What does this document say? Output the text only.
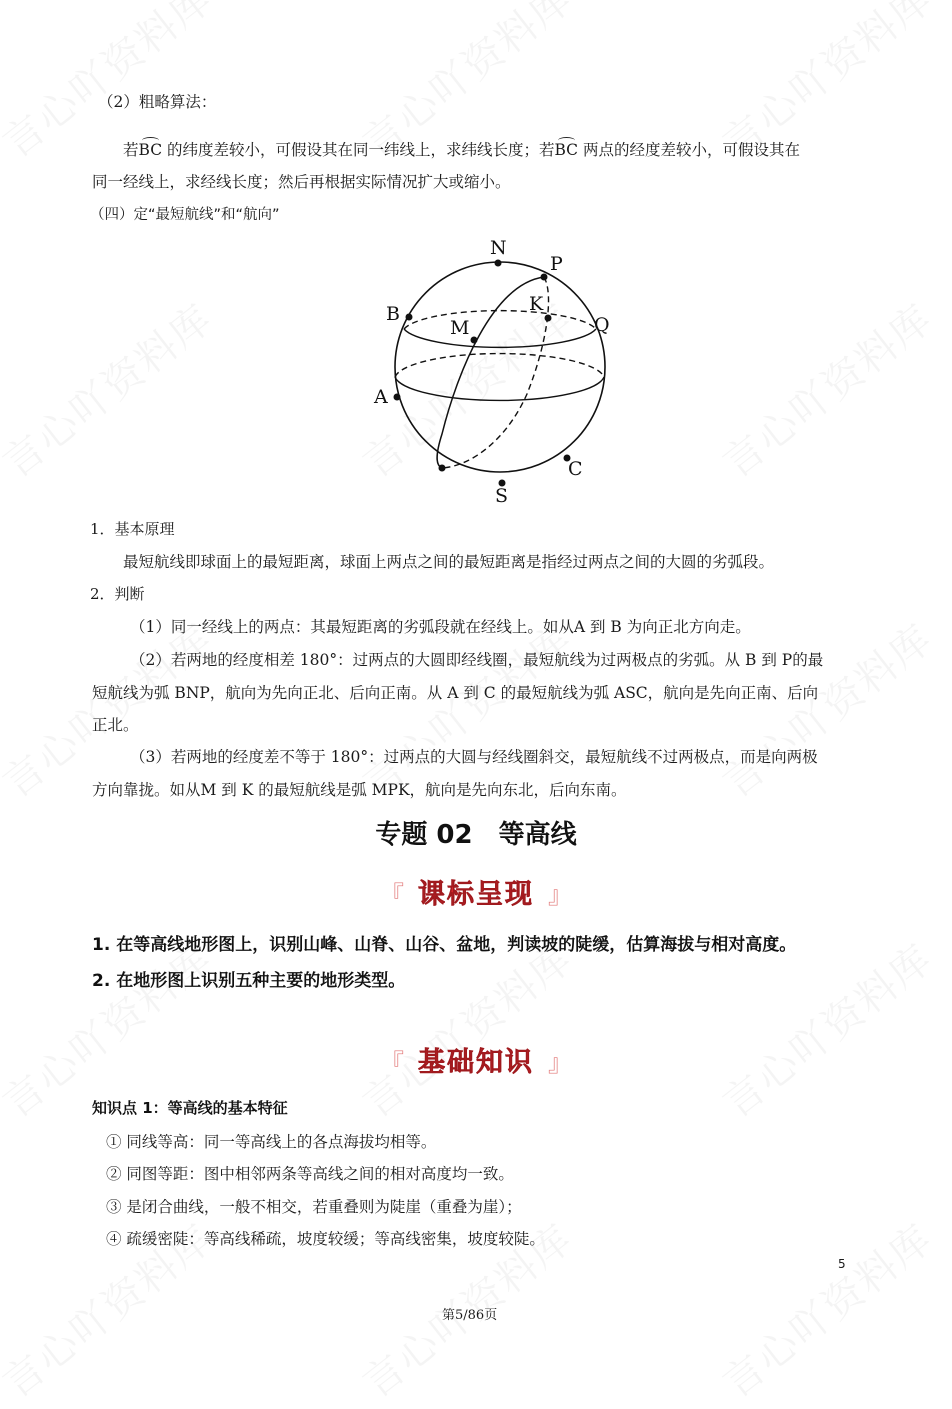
（2）粗略算法：
若BC 的纬度差较小，可假设其在同一纬线上，求纬线长度；若BC 两点的经度差较小，可假设其在
同一经线上，求经线长度；然后再根据实际情况扩大或缩小。
（四）定“最短航线”和“航向”
N
P
K
B
M	Q
A
C
S
1．基本原理
最短航线即球面上的最短距离，球面上两点之间的最短距离是指经过两点之间的大圆的劣弧段。
2．判断
（1）同一经线上的两点：其最短距离的劣弧段就在经线上。如从A 到 B 为向正北方向走。
（2）若两地的经度相差 180°：过两点的大圆即经线圈，最短航线为过两极点的劣弧。从 B 到 P的最
短航线为弧 BNP，航向为先向正北、后向正南。从 A 到 C 的最短航线为弧 ASC，航向是先向正南、后向
正北。
（3）若两地的经度差不等于 180°：过两点的大圆与经线圈斜交，最短航线不过两极点，而是向两极
方向靠拢。如从M 到 K 的最短航线是弧 MPK，航向是先向东北，后向东南。
专题 02　等高线
『 课标呈现 』
1. 在等高线地形图上，识别山峰、山脊、山谷、盆地，判读坡的陡缓，估算海拔与相对高度。
2. 在地形图上识别五种主要的地形类型。
『 基础知识 』
知识点 1：等高线的基本特征
① 同线等高：同一等高线上的各点海拔均相等。
② 同图等距：图中相邻两条等高线之间的相对高度均一致。
③ 是闭合曲线，一般不相交，若重叠则为陡崖（重叠为崖）；
④ 疏缓密陡：等高线稀疏，坡度较缓；等高线密集，坡度较陡。
5
第5/86页
